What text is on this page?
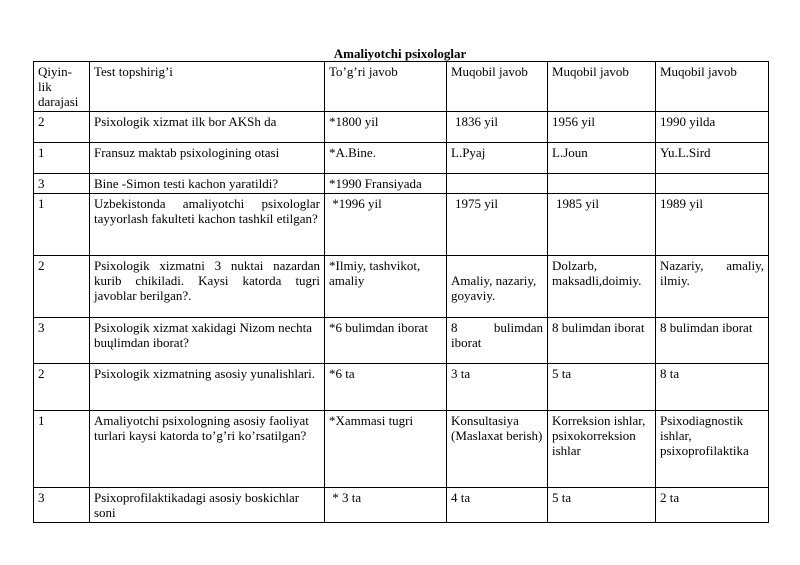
Amaliyotchi psixologlar
Qiyin-lik darajasi	Test topshirig’i	To’g’ri javob	Muqobil javob	Muqobil javob	Muqobil javob
2	Psixologik xizmat ilk bor AKSh da	*1800 yil	1836 yil	1956 yil	1990 yilda
1	Fransuz maktab psixologining otasi	*A.Bine.	L.Pyaj	L.Joun	Yu.L.Sird
3	Bine -Simon testi kachon yaratildi?	*1990 Fransiyada			
1	Uzbekistonda amaliyotchi psixologlar tayyorlash fakulteti kachon tashkil etilgan?	*1996 yil	1975 yil	1985 yil	1989 yil
2	Psixologik xizmatni 3 nuktai nazardan kurib chikiladi. Kaysi katorda tugri javoblar berilgan?.	*Ilmiy, tashvikot, amaliy	Amaliy, nazariy, goyaviy.	Dolzarb, maksadli,doimiy.	Nazariy, amaliy, ilmiy.
3	Psixologik xizmat xakidagi Nizom nechta buųlimdan iborat?	*6 bulimdan iborat	8 bulimdan iborat	8 bulimdan iborat	8 bulimdan iborat
2	Psixologik xizmatning asosiy yunalishlari.	*6 ta	3 ta	5 ta	8 ta
1	Amaliyotchi psixologning asosiy faoliyat turlari kaysi katorda to’g’ri ko’rsatilgan?	*Xammasi tugri	Konsultasiya (Maslaxat berish)	Korreksion ishlar, psixokorreksion ishlar	Psixodiagnostik ishlar, psixoprofilaktika
3	Psixoprofilaktikadagi asosiy boskichlar soni	* 3 ta	4 ta	5 ta	2 ta
